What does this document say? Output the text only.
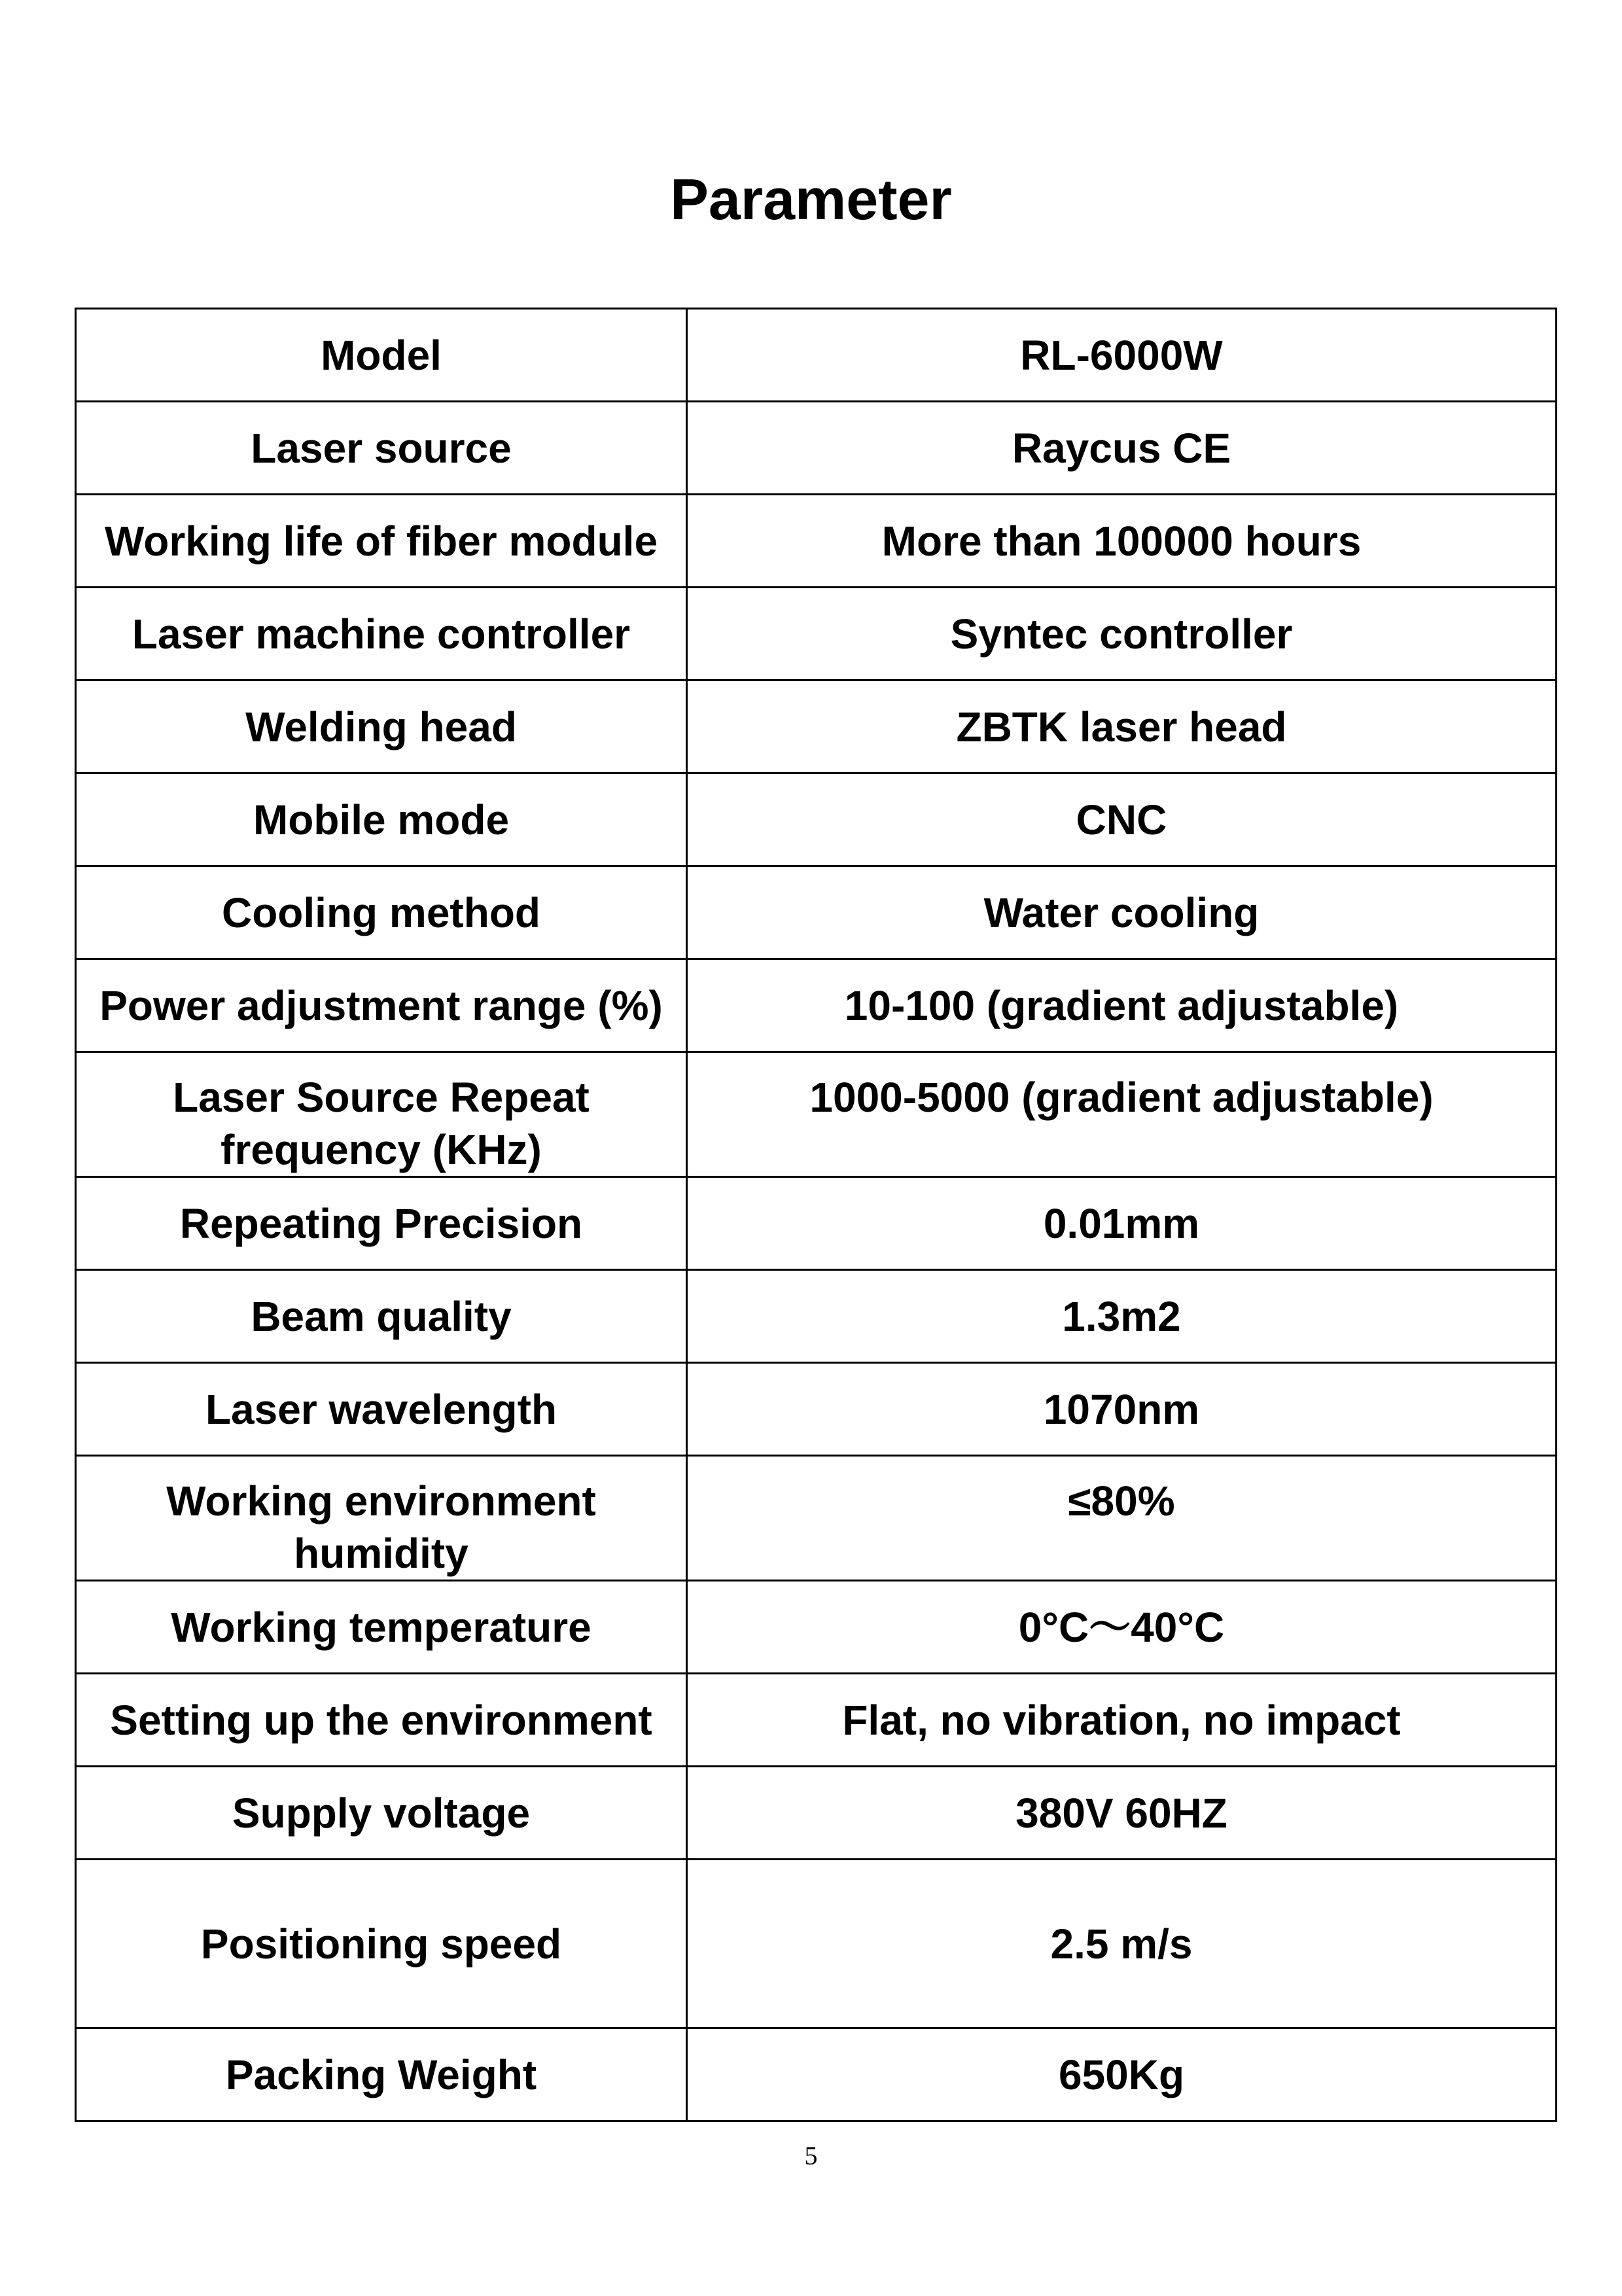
Parameter
Model	RL-6000W
Laser source	Raycus CE
Working life of fiber module	More than 100000 hours
Laser machine controller	Syntec controller
Welding head	ZBTK laser head
Mobile mode	CNC
Cooling method	Water cooling
Power adjustment range (%)	10-100 (gradient adjustable)
Laser Source Repeat frequency (KHz)	1000-5000 (gradient adjustable)
Repeating Precision	0.01mm
Beam quality	1.3m2
Laser wavelength	1070nm
Working environment humidity	≤80%
Working temperature	0°C～40°C
Setting up the environment	Flat, no vibration, no impact
Supply voltage	380V 60HZ
Positioning speed	2.5 m/s
Packing Weight	650Kg
5
